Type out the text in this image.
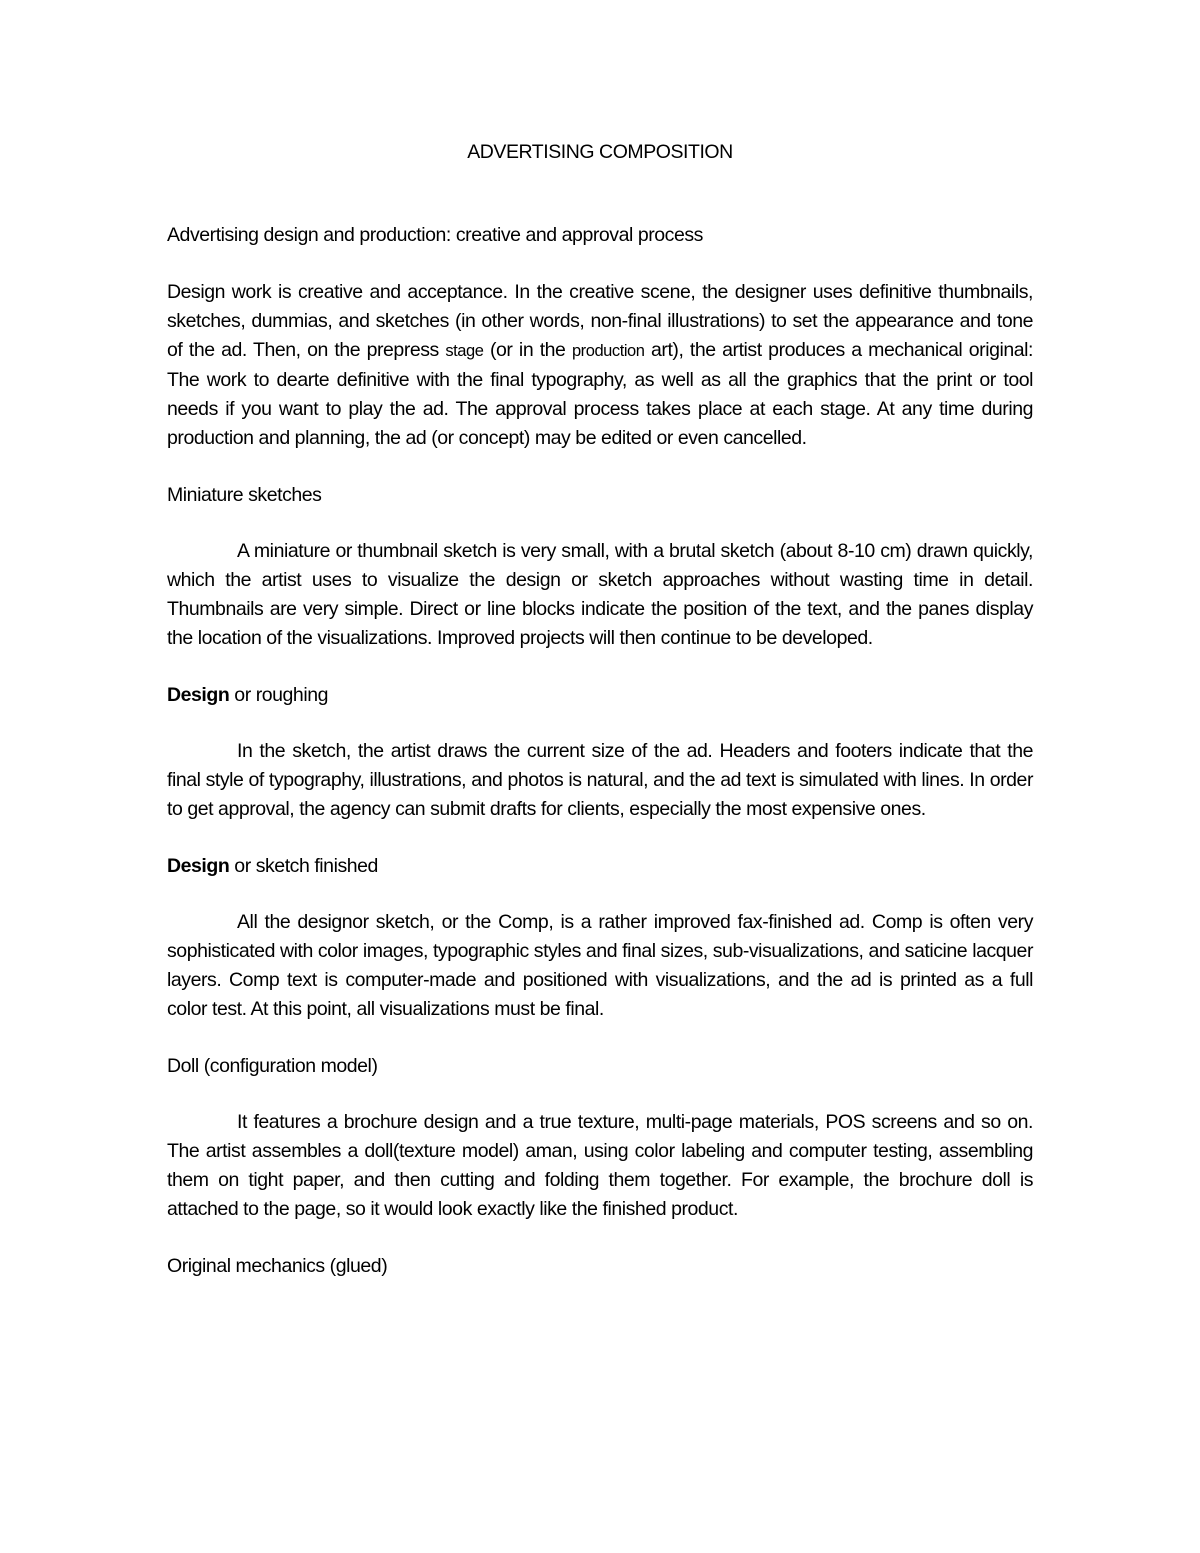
ADVERTISING COMPOSITION

Advertising design and production: creative and approval process

Design work is creative and acceptance. In the creative scene, the designer uses definitive thumbnails, sketches, dummias, and sketches (in other words, non-final illustrations) to set the appearance and tone of the ad. Then, on the prepress stage (or in the production art), the artist produces a mechanical original: The work to dearte definitive with the final typography, as well as all the graphics that the print or tool needs if you want to play the ad. The approval process takes place at each stage. At any time during production and planning, the ad (or concept) may be edited or even cancelled.

Miniature sketches

A miniature or thumbnail sketch is very small, with a brutal sketch (about 8-10 cm) drawn quickly, which the artist uses to visualize the design or sketch approaches without wasting time in detail. Thumbnails are very simple. Direct or line blocks indicate the position of the text, and the panes display the location of the visualizations. Improved projects will then continue to be developed.

Design or roughing

In the sketch, the artist draws the current size of the ad. Headers and footers indicate that the final style of typography, illustrations, and photos is natural, and the ad text is simulated with lines. In order to get approval, the agency can submit drafts for clients, especially the most expensive ones.

Design or sketch finished

All the designor sketch, or the Comp, is a rather improved fax-finished ad. Comp is often very sophisticated with color images, typographic styles and final sizes, sub-visualizations, and saticine lacquer layers. Comp text is computer-made and positioned with visualizations, and the ad is printed as a full color test. At this point, all visualizations must be final.

Doll (configuration model)

It features a brochure design and a true texture, multi-page materials, POS screens and so on. The artist assembles a doll(texture model) aman, using color labeling and computer testing, assembling them on tight paper, and then cutting and folding them together. For example, the brochure doll is attached to the page, so it would look exactly like the finished product.

Original mechanics (glued)
